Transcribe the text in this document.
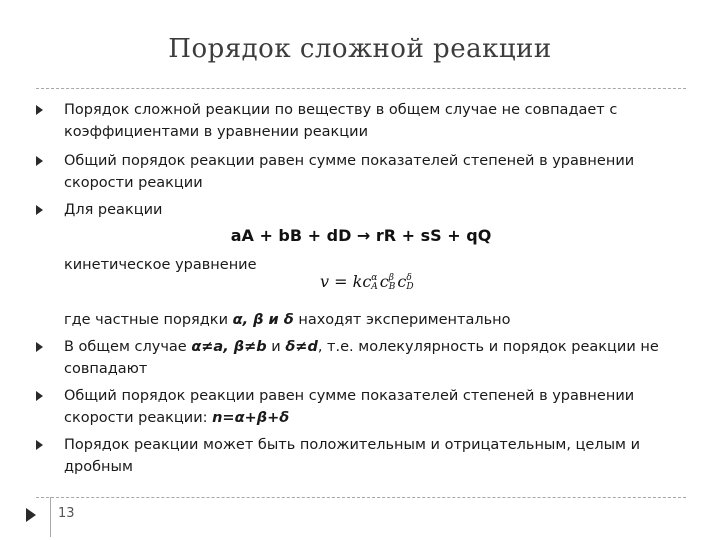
Порядок сложной реакции
Порядок сложной реакции по веществу в общем случае не совпадает с
коэффициентами в уравнении реакции
Общий порядок реакции равен сумме показателей степеней в уравнении
скорости реакции
Для реакции
aA + bB + dD → rR + sS + qQ
кинетическое уравнение
v = kcα
A cβ
B cδ
D
где частные порядки α, β и δ находят экспериментально
В общем случае α≠a, β≠b и δ≠d, т.е. молекулярность и порядок реакции не
совпадают
Общий порядок реакции равен сумме показателей степеней в уравнении
скорости реакции: n=α+β+δ
Порядок реакции может быть положительным и отрицательным, целым и
дробным
13
